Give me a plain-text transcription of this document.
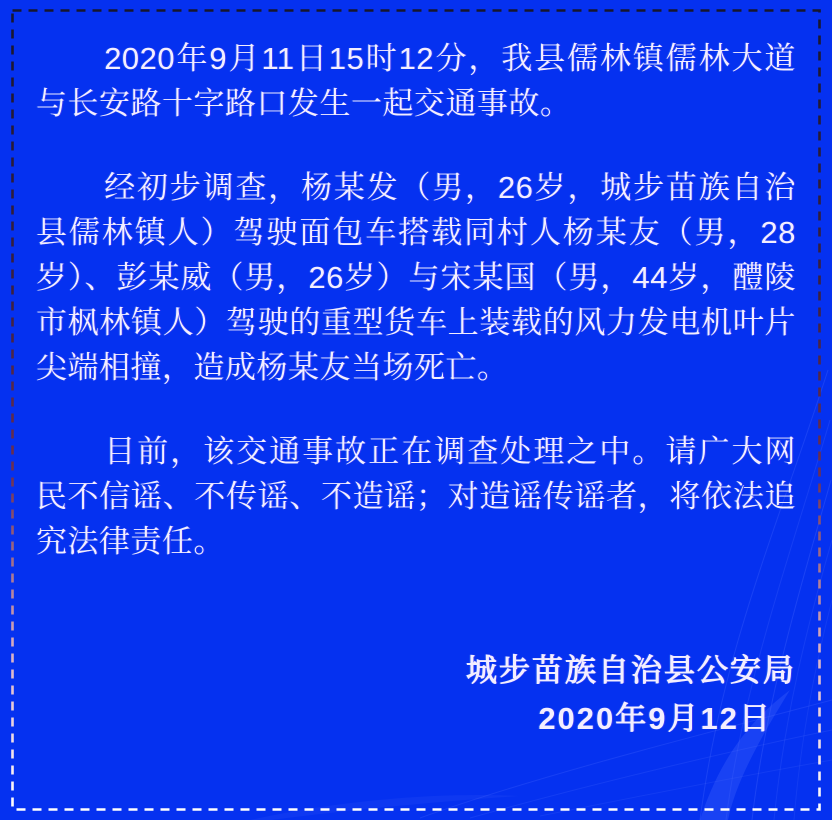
2020年9月11日15时12分，我县儒林镇儒林大道与长安路十字路口发生一起交通事故。

经初步调查，杨某发（男，26岁，城步苗族自治县儒林镇人）驾驶面包车搭载同村人杨某友（男，28岁）、彭某威（男，26岁）与宋某国（男，44岁，醴陵市枫林镇人）驾驶的重型货车上装载的风力发电机叶片尖端相撞，造成杨某友当场死亡。

目前，该交通事故正在调查处理之中。请广大网民不信谣、不传谣、不造谣；对造谣传谣者，将依法追究法律责任。

城步苗族自治县公安局
2020年9月12日
